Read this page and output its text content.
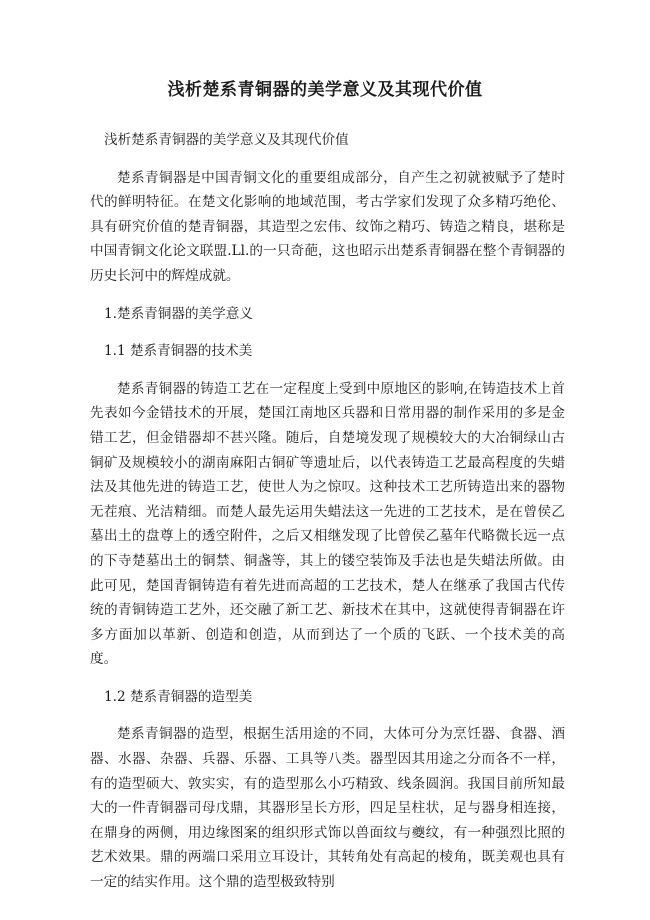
浅析楚系青铜器的美学意义及其现代价值

浅析楚系青铜器的美学意义及其现代价值

楚系青铜器是中国青铜文化的重要组成部分，自产生之初就被赋予了楚时代的鲜明特征。在楚文化影响的地域范围，考古学家们发现了众多精巧绝伦、具有研究价值的楚青铜器，其造型之宏伟、纹饰之精巧、铸造之精良，堪称是中国青铜文化论文联盟.Ll.的一只奇葩，这也昭示出楚系青铜器在整个青铜器的历史长河中的辉煌成就。

1.楚系青铜器的美学意义

1.1 楚系青铜器的技术美

楚系青铜器的铸造工艺在一定程度上受到中原地区的影响,在铸造技术上首先表如今金错技术的开展，楚国江南地区兵器和日常用器的制作采用的多是金错工艺，但金错器却不甚兴隆。随后，自楚境发现了规模较大的大冶铜绿山古铜矿及规模较小的湖南麻阳古铜矿等遗址后，以代表铸造工艺最高程度的失蜡法及其他先进的铸造工艺，使世人为之惊叹。这种技术工艺所铸造出来的器物无茬痕、光洁精细。而楚人最先运用失蜡法这一先进的工艺技术，是在曾侯乙墓出土的盘尊上的透空附件，之后又相继发现了比曾侯乙墓年代略微长远一点的下寺楚墓出土的铜禁、铜盏等，其上的镂空装饰及手法也是失蜡法所做。由此可见，楚国青铜铸造有着先进而高超的工艺技术，楚人在继承了我国古代传统的青铜铸造工艺外，还交融了新工艺、新技术在其中，这就使得青铜器在许多方面加以革新、创造和创造，从而到达了一个质的飞跃、一个技术美的高度。

1.2 楚系青铜器的造型美

楚系青铜器的造型，根据生活用途的不同，大体可分为烹饪器、食器、酒器、水器、杂器、兵器、乐器、工具等八类。器型因其用途之分而各不一样，有的造型硕大、敦实实，有的造型那么小巧精致、线条圆润。我国目前所知最大的一件青铜器司母戊鼎，其器形呈长方形，四足呈柱状，足与器身相连接，在鼎身的两侧，用边缘图案的组织形式饰以兽面纹与夔纹，有一种强烈比照的艺术效果。鼎的两端口采用立耳设计，其转角处有高起的棱角，既美观也具有一定的结实作用。这个鼎的造型极致特别
